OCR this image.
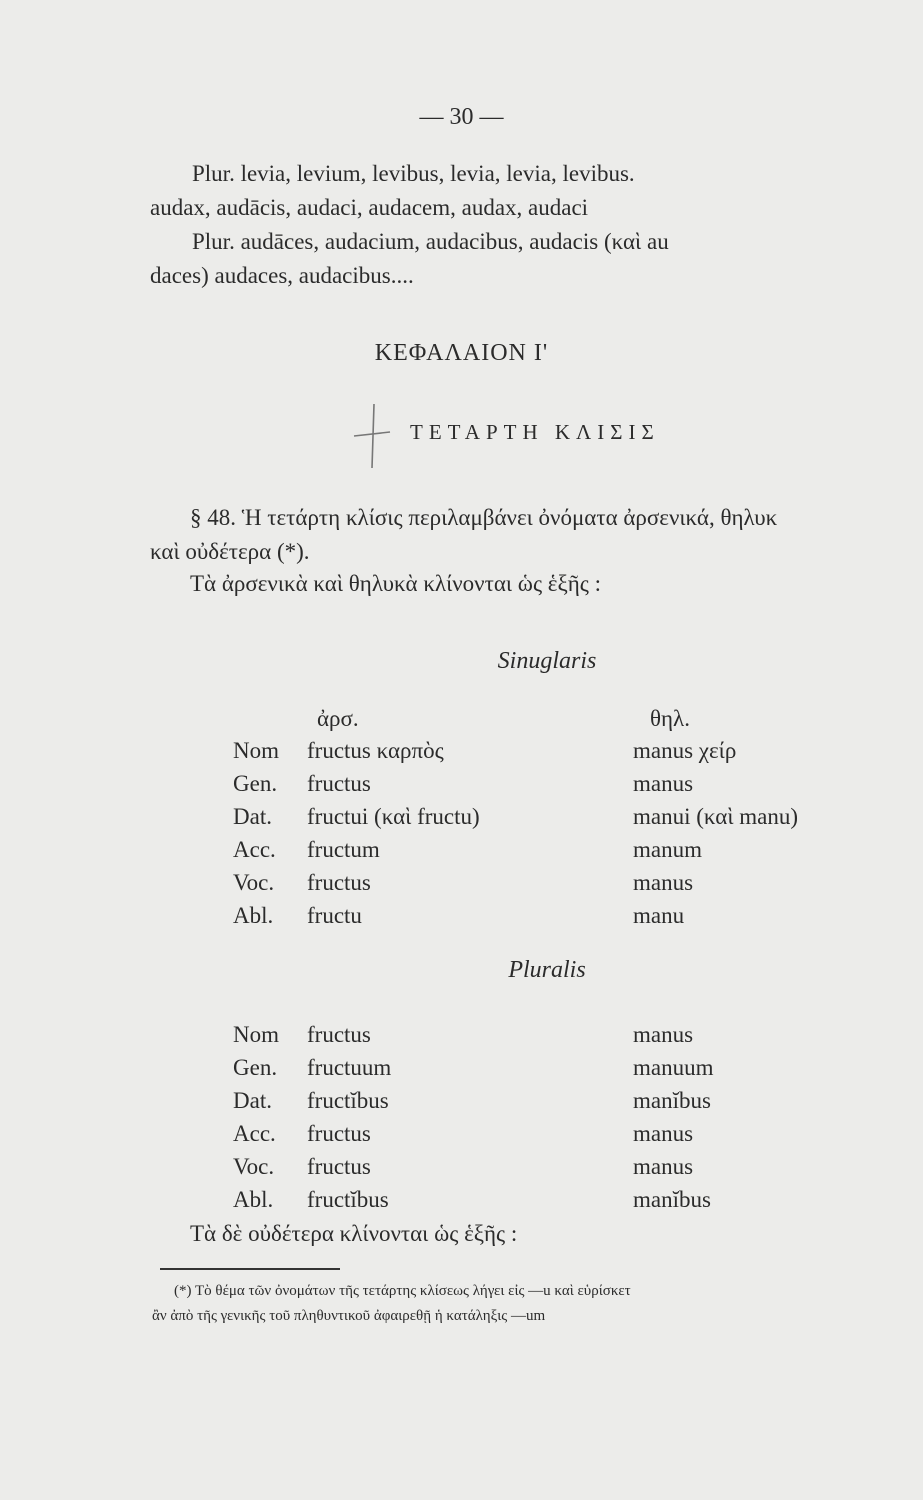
— 30 —
Plur. levia, levium, levibus, levia, levia, levibus.
audax, audācis, audaci, audacem, audax, audaci
Plur. audāces, audacium, audacibus, audacis (καὶ au
daces) audaces, audacibus....
ΚΕΦΑΛΑΙΟΝ Ι'
ΤΕΤΑΡΤΗ ΚΛΙΣΙΣ
§ 48. Ἡ τετάρτη κλίσις περιλαμβάνει ὀνόματα ἀρσενικά, θηλυκ
καὶ οὐδέτερα (*).
Τὰ ἀρσενικὰ καὶ θηλυκὰ κλίνονται ὡς ἑξῆς :
Sinuglaris
ἀρσ.	θηλ.
Nom fructus καρπὸς	manus χείρ
Gen. fructus	manus
Dat. fructui (καὶ fructu)	manui (καὶ manu)
Acc. fructum	manum
Voc. fructus	manus
Abl. fructu	manu
Pluralis
Nom fructus	manus
Gen. fructuum	manuum
Dat. fructĭbus	manĭbus
Acc. fructus	manus
Voc. fructus	manus
Abl. fructĭbus	manĭbus
Τὰ δὲ οὐδέτερα κλίνονται ὡς ἑξῆς :
(*) Τὸ θέμα τῶν ὀνομάτων τῆς τετάρτης κλίσεως λήγει εἰς —u καὶ εὑρίσκετ
ἂν ἀπὸ τῆς γενικῆς τοῦ πληθυντικοῦ ἀφαιρεθῇ ἡ κατάληξις —um
